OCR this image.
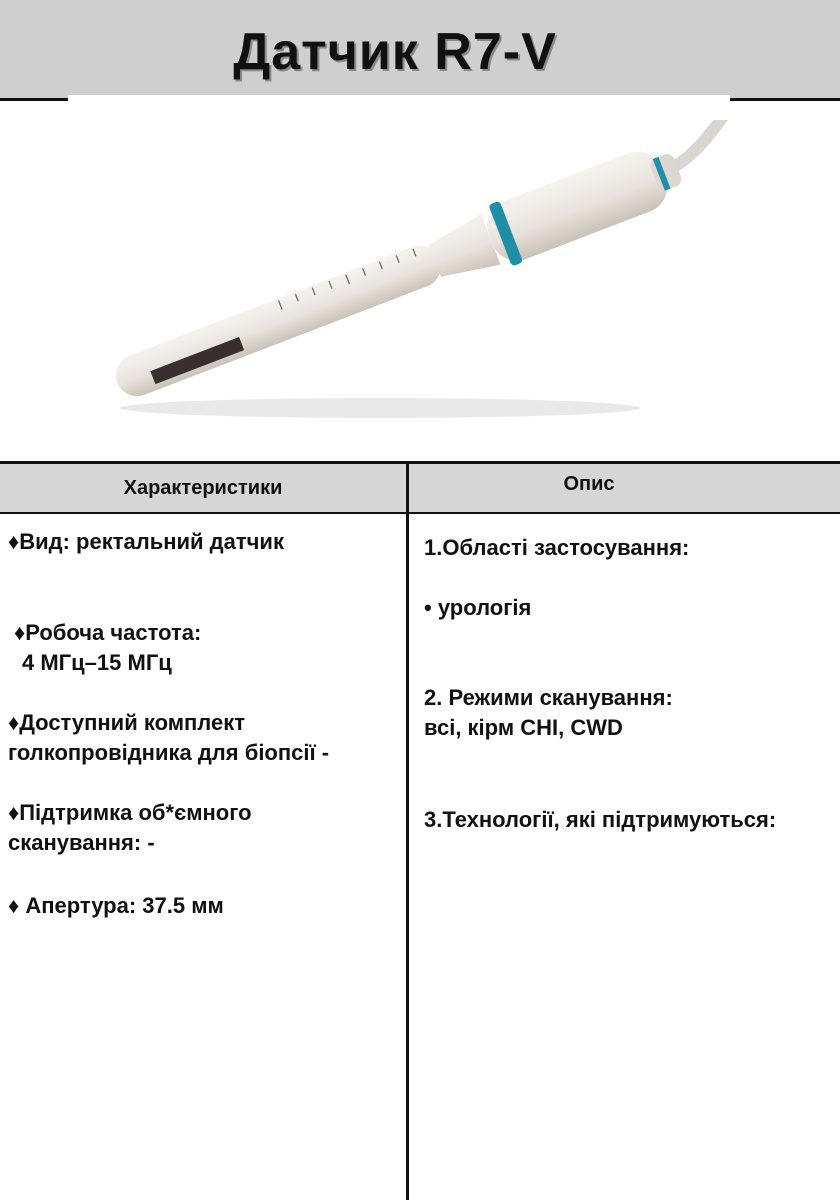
Датчик R7-V
Характеристики	Опис
♦Вид: ректальний датчик
♦Робоча частота:
4 МГц–15 МГц
♦Доступний комплект
голкопровідника для біопсії -
♦Підтримка об*ємного
сканування: -
♦ Апертура: 37.5 мм
1.Області застосування:
• урологія
2. Режими сканування:
всі, кірм CHI, CWD
3.Технології, які підтримуються:
